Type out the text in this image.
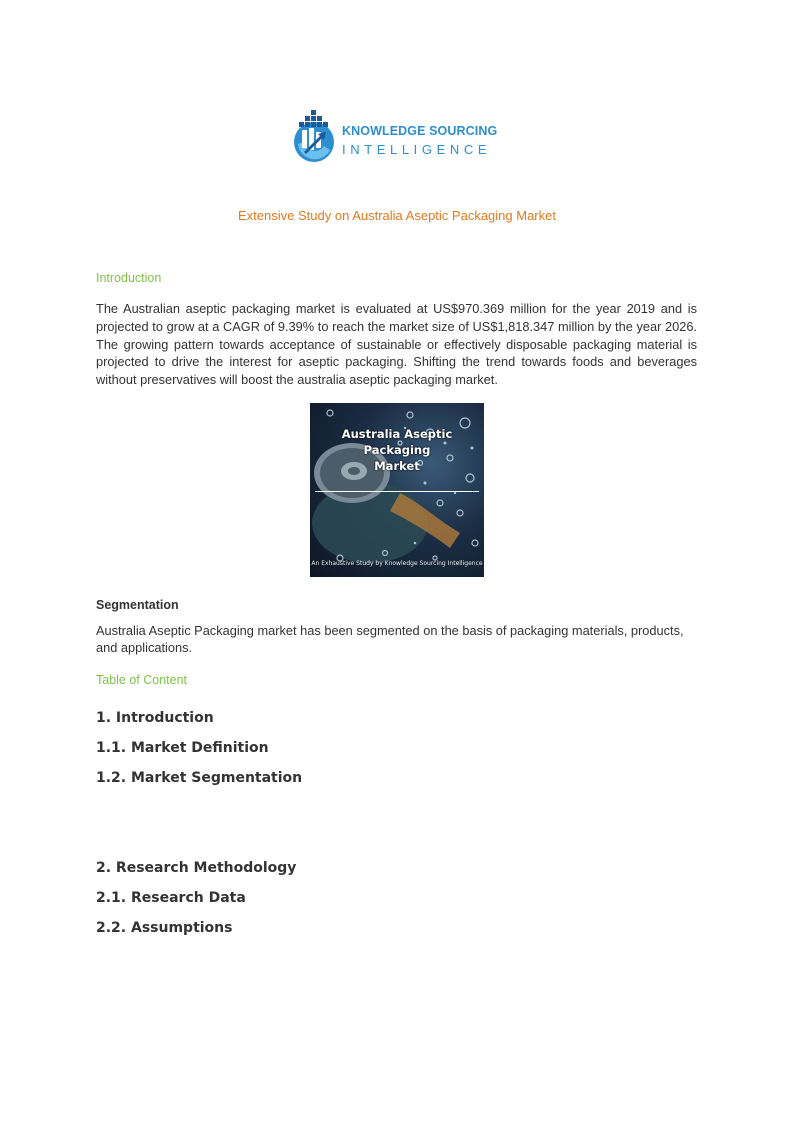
KNOWLEDGE SOURCING
INTELLIGENCE
Extensive Study on Australia Aseptic Packaging Market
Introduction

The Australian aseptic packaging market is evaluated at US$970.369 million for the year 2019 and is projected to grow at a CAGR of 9.39% to reach the market size of US$1,818.347 million by the year 2026. The growing pattern towards acceptance of sustainable or effectively disposable packaging material is projected to drive the interest for aseptic packaging. Shifting the trend towards foods and beverages without preservatives will boost the australia aseptic packaging market.

Australia Aseptic Packaging
Market
An Exhaustive Study by Knowledge Sourcing Intelligence
Segmentation

Australia Aseptic Packaging market has been segmented on the basis of packaging materials, products, and applications.

Table of Content
1. Introduction
1.1. Market Definition
1.2. Market Segmentation
2. Research Methodology
2.1. Research Data
2.2. Assumptions
